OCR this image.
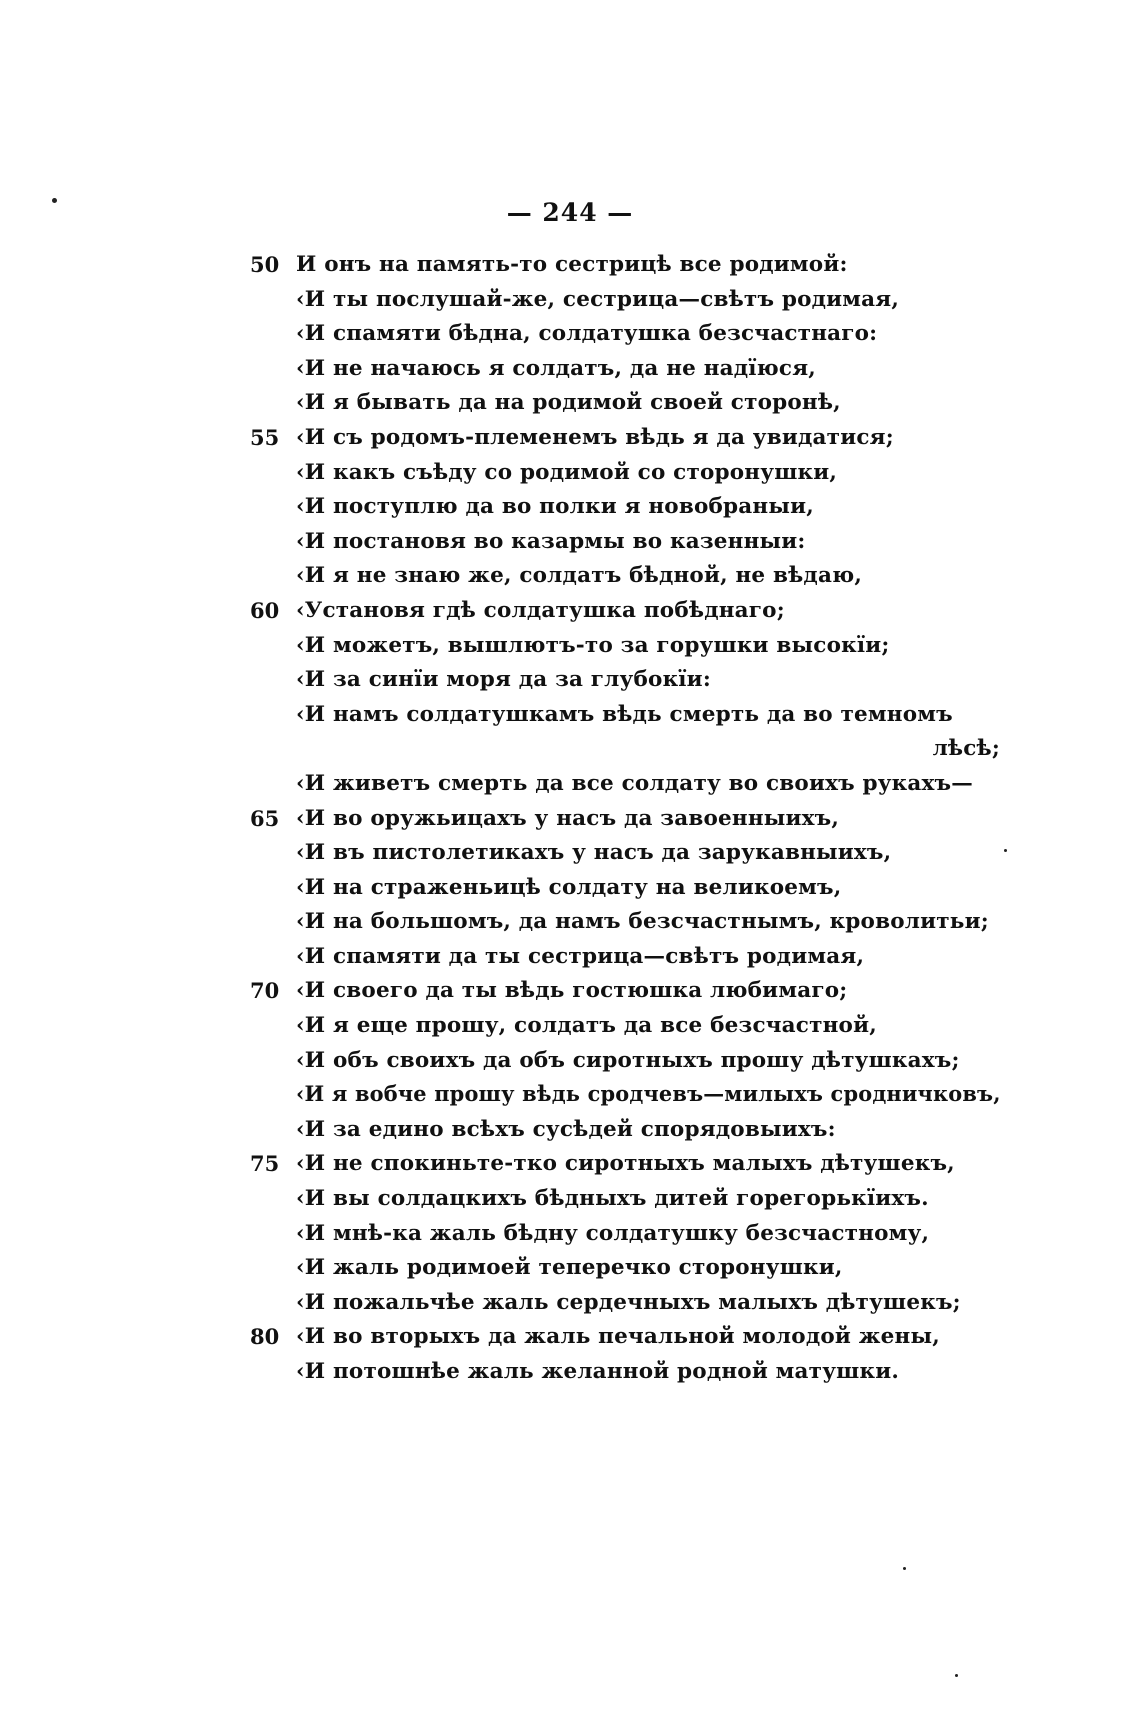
— 244 —
50 И онъ на память-то сестрицѣ все родимой:
‹И ты послушай-же, сестрица—свѣтъ родимая,
‹И спамяти бѣдна, солдатушка безсчастнаго:
‹И не начаюсь я солдатъ, да не надїюся,
‹И я бывать да на родимой своей сторонѣ,
55 ‹И съ родомъ-племенемъ вѣдь я да увидатися;
‹И какъ съѣду со родимой со сторонушки,
‹И поступлю да во полки я новобраныи,
‹И постановя во казармы во казенныи:
‹И я не знаю же, солдатъ бѣдной, не вѣдаю,
60 ‹Установя гдѣ солдатушка побѣднаго;
‹И можетъ, вышлютъ-то за горушки высокїи;
‹И за синїи моря да за глубокїи:
‹И намъ солдатушкамъ вѣдь смерть да во темномъ
лѣсѣ;
‹И живетъ смерть да все солдату во своихъ рукахъ—
65 ‹И во оружьицахъ у насъ да завоенныихъ,
‹И въ пистолетикахъ у насъ да зарукавныихъ,
‹И на страженьицѣ солдату на великоемъ,
‹И на большомъ, да намъ безсчастнымъ, кроволитьи;
‹И спамяти да ты сестрица—свѣтъ родимая,
70 ‹И своего да ты вѣдь гостюшка любимаго;
‹И я еще прошу, солдатъ да все безсчастной,
‹И объ своихъ да объ сиротныхъ прошу дѣтушкахъ;
‹И я вобче прошу вѣдь сродчевъ—милыхъ сродничковъ,
‹И за едино всѣхъ сусѣдей спорядовыихъ:
75 ‹И не спокиньте-тко сиротныхъ малыхъ дѣтушекъ,
‹И вы солдацкихъ бѣдныхъ дитей горегорькїихъ.
‹И мнѣ-ка жаль бѣдну солдатушку безсчастному,
‹И жаль родимоей теперечко сторонушки,
‹И пожальчѣе жаль сердечныхъ малыхъ дѣтушекъ;
80 ‹И во вторыхъ да жаль печальной молодой жены,
‹И потошнѣе жаль желанной родной матушки.
